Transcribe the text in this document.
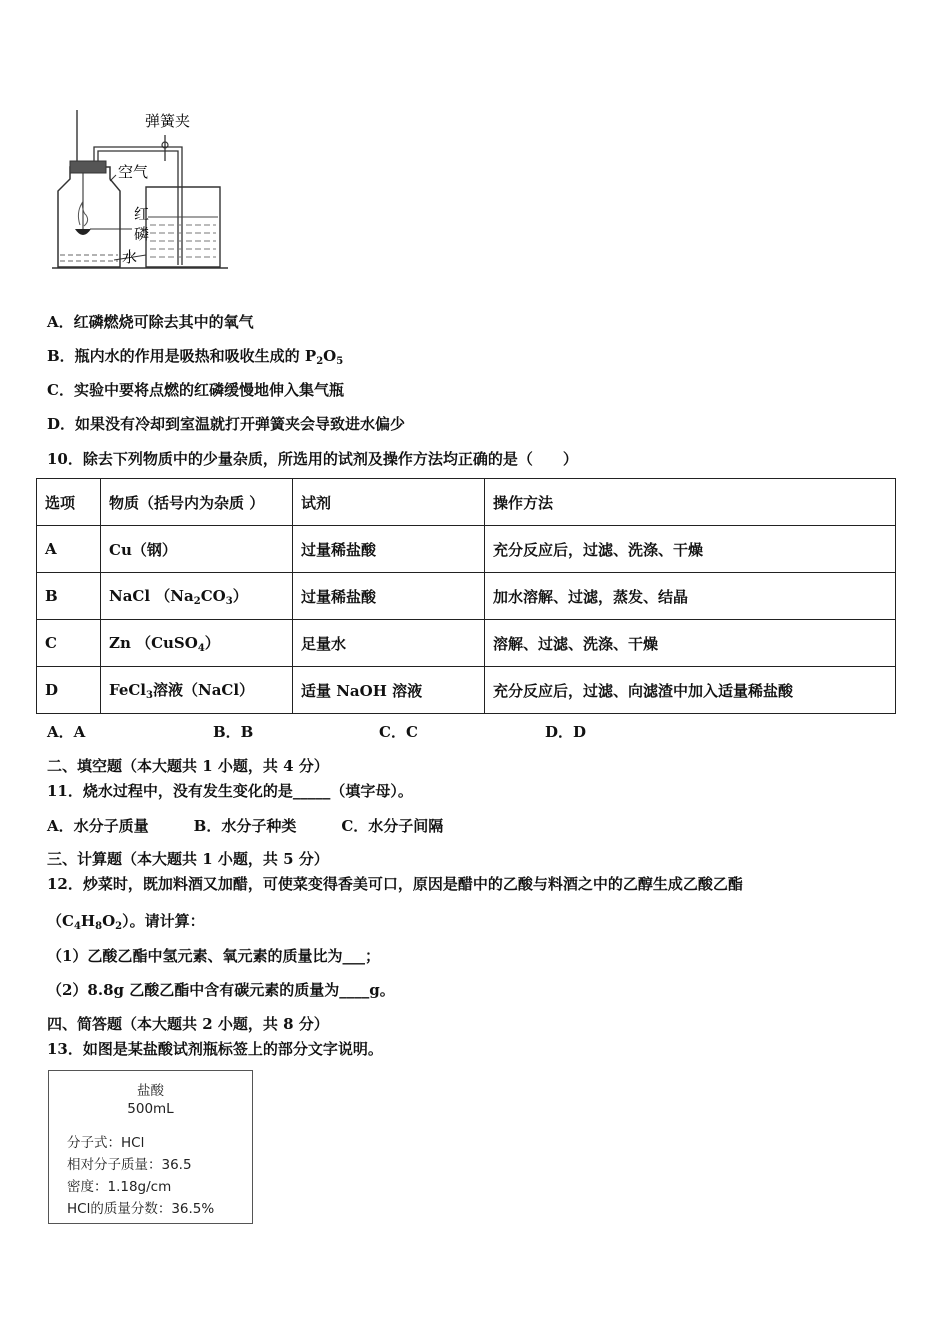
弹簧夹
空气
红
磷
水
A．红磷燃烧可除去其中的氧气
B．瓶内水的作用是吸热和吸收生成的 $P_2O_5$
C．实验中要将点燃的红磷缓慢地伸入集气瓶
D．如果没有冷却到室温就打开弹簧夹会导致进水偏少
10．除去下列物质中的少量杂质，所选用的试剂及操作方法均正确的是（　　）
选项	物质（括号内为杂质 ）	试剂	操作方法
A	Cu（钢）	过量稀盐酸	充分反应后，过滤、洗涤、干燥
B	NaCl $(Na_2CO_3)$	过量稀盐酸	加水溶解、过滤，蒸发、结晶
C	Zn （CuSO$_4$）	足量水	溶解、过滤、洗涤、干燥
D	FeCl$_3$溶液（NaCl）	适量 NaOH 溶液	充分反应后，过滤、向滤渣中加入适量稀盐酸
A．A	B．B	C．C	D．D
二、填空题（本大题共 1 小题，共 4 分）
11．烧水过程中，没有发生变化的是_____（填字母）。
A．水分子质量　　　B．水分子种类　　　C．水分子间隔
三、计算题（本大题共 1 小题，共 5 分）
12．炒菜时，既加料酒又加醋，可使菜变得香美可口，原因是醋中的乙酸与料酒之中的乙醇生成乙酸乙酯
$(C_4H_8O_2)$。请计算：
（1）乙酸乙酯中氢元素、氧元素的质量比为___；
（2）8.8g 乙酸乙酯中含有碳元素的质量为____g。
四、简答题（本大题共 2 小题，共 8 分）
13．如图是某盐酸试剂瓶标签上的部分文字说明。
盐酸
500mL
分子式：HCl
相对分子质量：36.5
密度：1.18g/cm
HCl的质量分数：36.5%
